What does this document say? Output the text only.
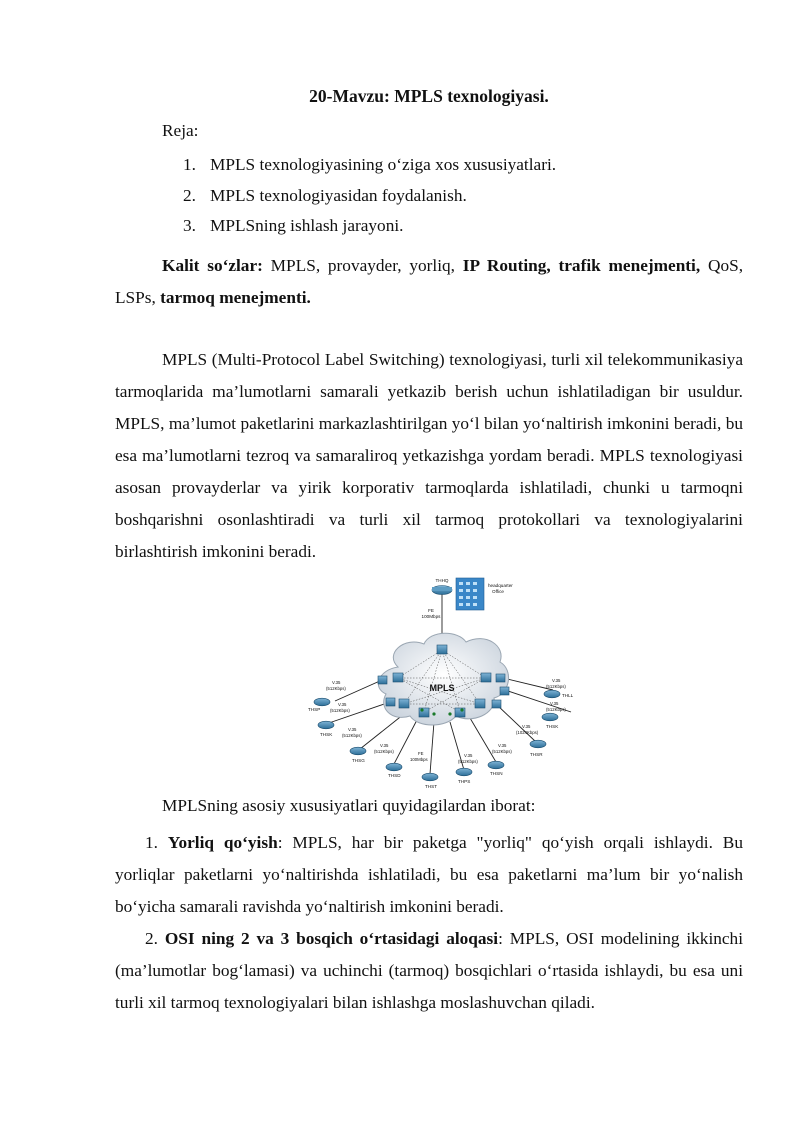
20-Mavzu: MPLS texnologiyasi.
Reja:
1. MPLS texnologiyasining o‘ziga xos xususiyatlari.
2. MPLS texnologiyasidan foydalanish.
3. MPLSning ishlash jarayoni.

Kalit so‘zlar: MPLS, provayder, yorliq, IP Routing, trafik menejmenti, QoS, LSPs, tarmoq menejmenti.

MPLS (Multi-Protocol Label Switching) texnologiyasi, turli xil telekommunikasiya tarmoqlarida ma’lumotlarni samarali yetkazib berish uchun ishlatiladigan bir usuldur. MPLS, ma’lumot paketlarini markazlashtirilgan yo‘l bilan yo‘naltirish imkonini beradi, bu esa ma’lumotlarni tezroq va samaraliroq yetkazishga yordam beradi. MPLS texnologiyasi asosan provayderlar va yirik korporativ tarmoqlarda ishlatiladi, chunki u tarmoqni boshqarishni osonlashtiradi va turli xil tarmoq protokollari va texnologiyalarini birlashtirish imkonini beradi.

MPLS
THHQ
headquarter
Office
FE
100Mbps
THSP
THSK
THSG
THSD
THST
THPS
THSN
THSR
THSK
THLL
V.35
(512Kbps)
V.35
(512Kbps)
V.35
(512Kbps)
V.35
(512Kbps)	FE
100Mbps
V.35
(512Kbps)
V.35
(512Kbps)
V.35
(1024Kbps)
V.35
(512Kbps)
V.35
(512Kbps)
MPLSning asosiy xususiyatlari quyidagilardan iborat:

1. Yorliq qo‘yish: MPLS, har bir paketga "yorliq" qo‘yish orqali ishlaydi. Bu yorliqlar paketlarni yo‘naltirishda ishlatiladi, bu esa paketlarni ma’lum bir yo‘nalish bo‘yicha samarali ravishda yo‘naltirish imkonini beradi.

2. OSI ning 2 va 3 bosqich o‘rtasidagi aloqasi: MPLS, OSI modelining ikkinchi (ma’lumotlar bog‘lamasi) va uchinchi (tarmoq) bosqichlari o‘rtasida ishlaydi, bu esa uni turli xil tarmoq texnologiyalari bilan ishlashga moslashuvchan qiladi.
